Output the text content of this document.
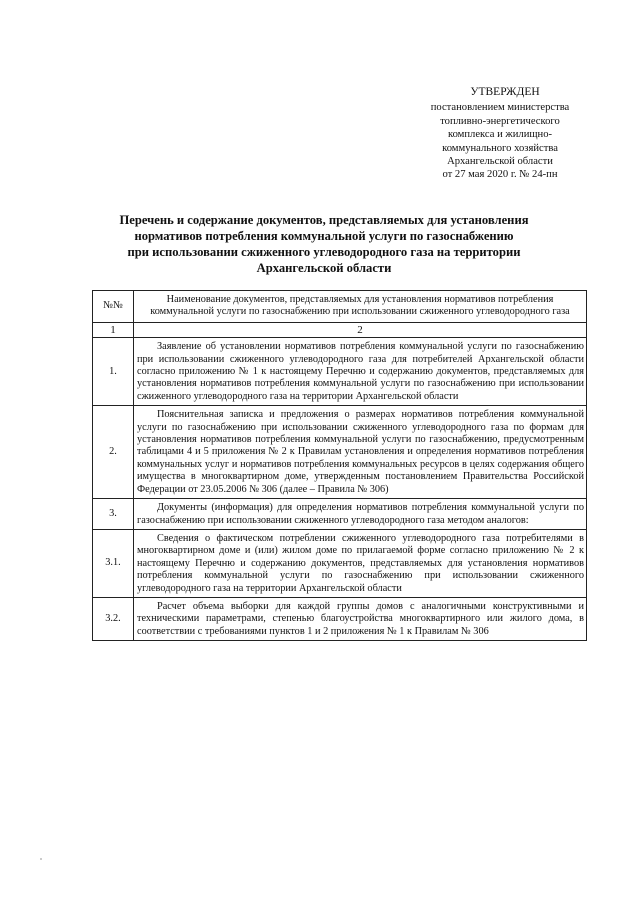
УТВЕРЖДЕН
постановлением министерства
топливно-энергетического
комплекса и жилищно-
коммунального хозяйства
Архангельской области
от 27 мая 2020 г. № 24-пн
Перечень и содержание документов, представляемых для установления
нормативов потребления коммунальной услуги по газоснабжению
при использовании сжиженного углеводородного газа на территории
Архангельской области
№№	Наименование документов, представляемых для установления нормативов потребления коммунальной услуги по газоснабжению при использовании сжиженного углеводородного газа

1	2
1.	Заявление об установлении нормативов потребления коммунальной услуги по газоснабжению при использовании сжиженного углеводородного газа для потребителей Архангельской области согласно приложению № 1 к настоящему Перечню и содержанию документов, представляемых для установления нормативов потребления коммунальной услуги по газоснабжению при использовании сжиженного углеводородного газа на территории Архангельской области

2.	Пояснительная записка и предложения о размерах нормативов потребления коммунальной услуги по газоснабжению при использовании сжиженного углеводородного газа по формам для установления нормативов потребления коммунальной услуги по газоснабжению, предусмотренным таблицами 4 и 5 приложения № 2 к Правилам установления и определения нормативов потребления коммунальных услуг и нормативов потребления коммунальных ресурсов в целях содержания общего имущества в многоквартирном доме, утвержденным постановлением Правительства Российской Федерации от 23.05.2006 № 306 (далее – Правила № 306)

3.	Документы (информация) для определения нормативов потребления коммунальной услуги по газоснабжению при использовании сжиженного углеводородного газа методом аналогов:

3.1.	Сведения о фактическом потреблении сжиженного углеводородного газа потребителями в многоквартирном доме и (или) жилом доме по прилагаемой форме согласно приложению № 2 к настоящему Перечню и содержанию документов, представляемых для установления нормативов потребления коммунальной услуги по газоснабжению при использовании сжиженного углеводородного газа на территории Архангельской области

3.2.	Расчет объема выборки для каждой группы домов с аналогичными конструктивными и техническими параметрами, степенью благоустройства многоквартирного или жилого дома, в соответствии с требованиями пунктов 1 и 2 приложения № 1 к Правилам № 306
